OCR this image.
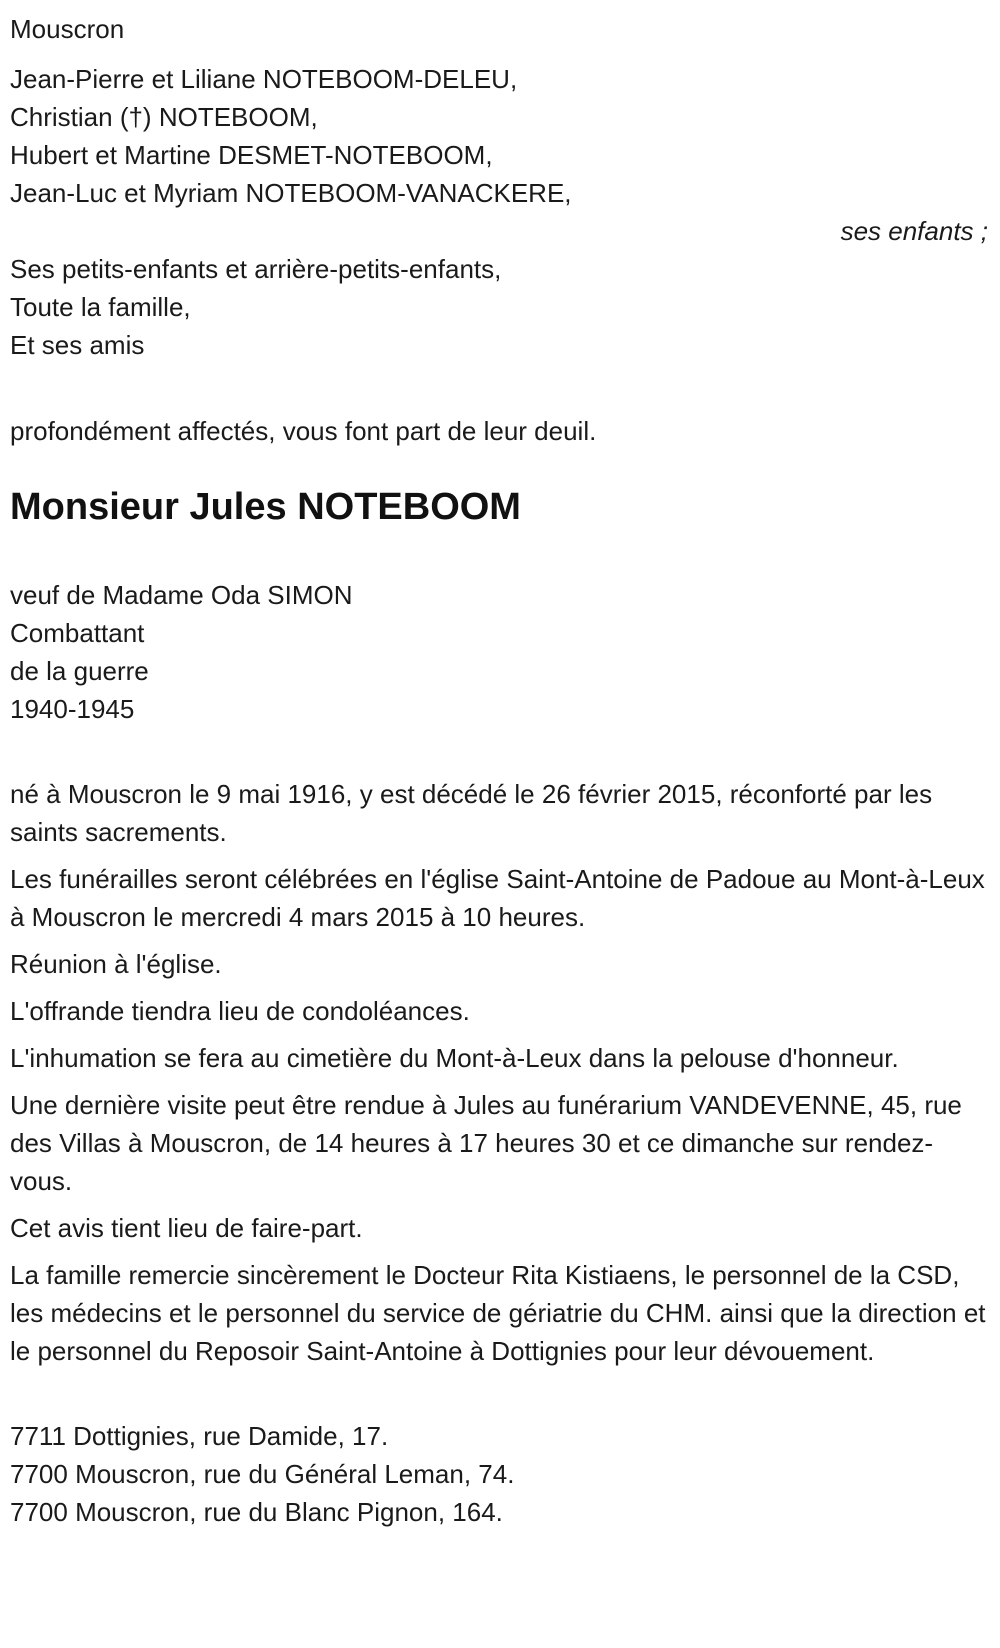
Mouscron

Jean-Pierre et Liliane NOTEBOOM-DELEU,

Christian (†) NOTEBOOM,

Hubert et Martine DESMET-NOTEBOOM,

Jean-Luc et Myriam NOTEBOOM-VANACKERE,

ses enfants ;

Ses petits-enfants et arrière-petits-enfants,

Toute la famille,

Et ses amis

profondément affectés, vous font part de leur deuil.

Monsieur Jules NOTEBOOM

veuf de Madame Oda SIMON

Combattant

de la guerre

1940-1945

né à Mouscron le 9 mai 1916, y est décédé le 26 février 2015, réconforté par les saints sacrements.

Les funérailles seront célébrées en l'église Saint-Antoine de Padoue au Mont-à-Leux à Mouscron le mercredi 4 mars 2015 à 10 heures.

Réunion à l'église.

L'offrande tiendra lieu de condoléances.

L'inhumation se fera au cimetière du Mont-à-Leux dans la pelouse d'honneur.

Une dernière visite peut être rendue à Jules au funérarium VANDEVENNE, 45, rue des Villas à Mouscron, de 14 heures à 17 heures 30 et ce dimanche sur rendez-vous.

Cet avis tient lieu de faire-part.

La famille remercie sincèrement le Docteur Rita Kistiaens, le personnel de la CSD, les médecins et le personnel du service de gériatrie du CHM. ainsi que la direction et le personnel du Reposoir Saint-Antoine à Dottignies pour leur dévouement.

7711 Dottignies, rue Damide, 17.

7700 Mouscron, rue du Général Leman, 74.

7700 Mouscron, rue du Blanc Pignon, 164.
